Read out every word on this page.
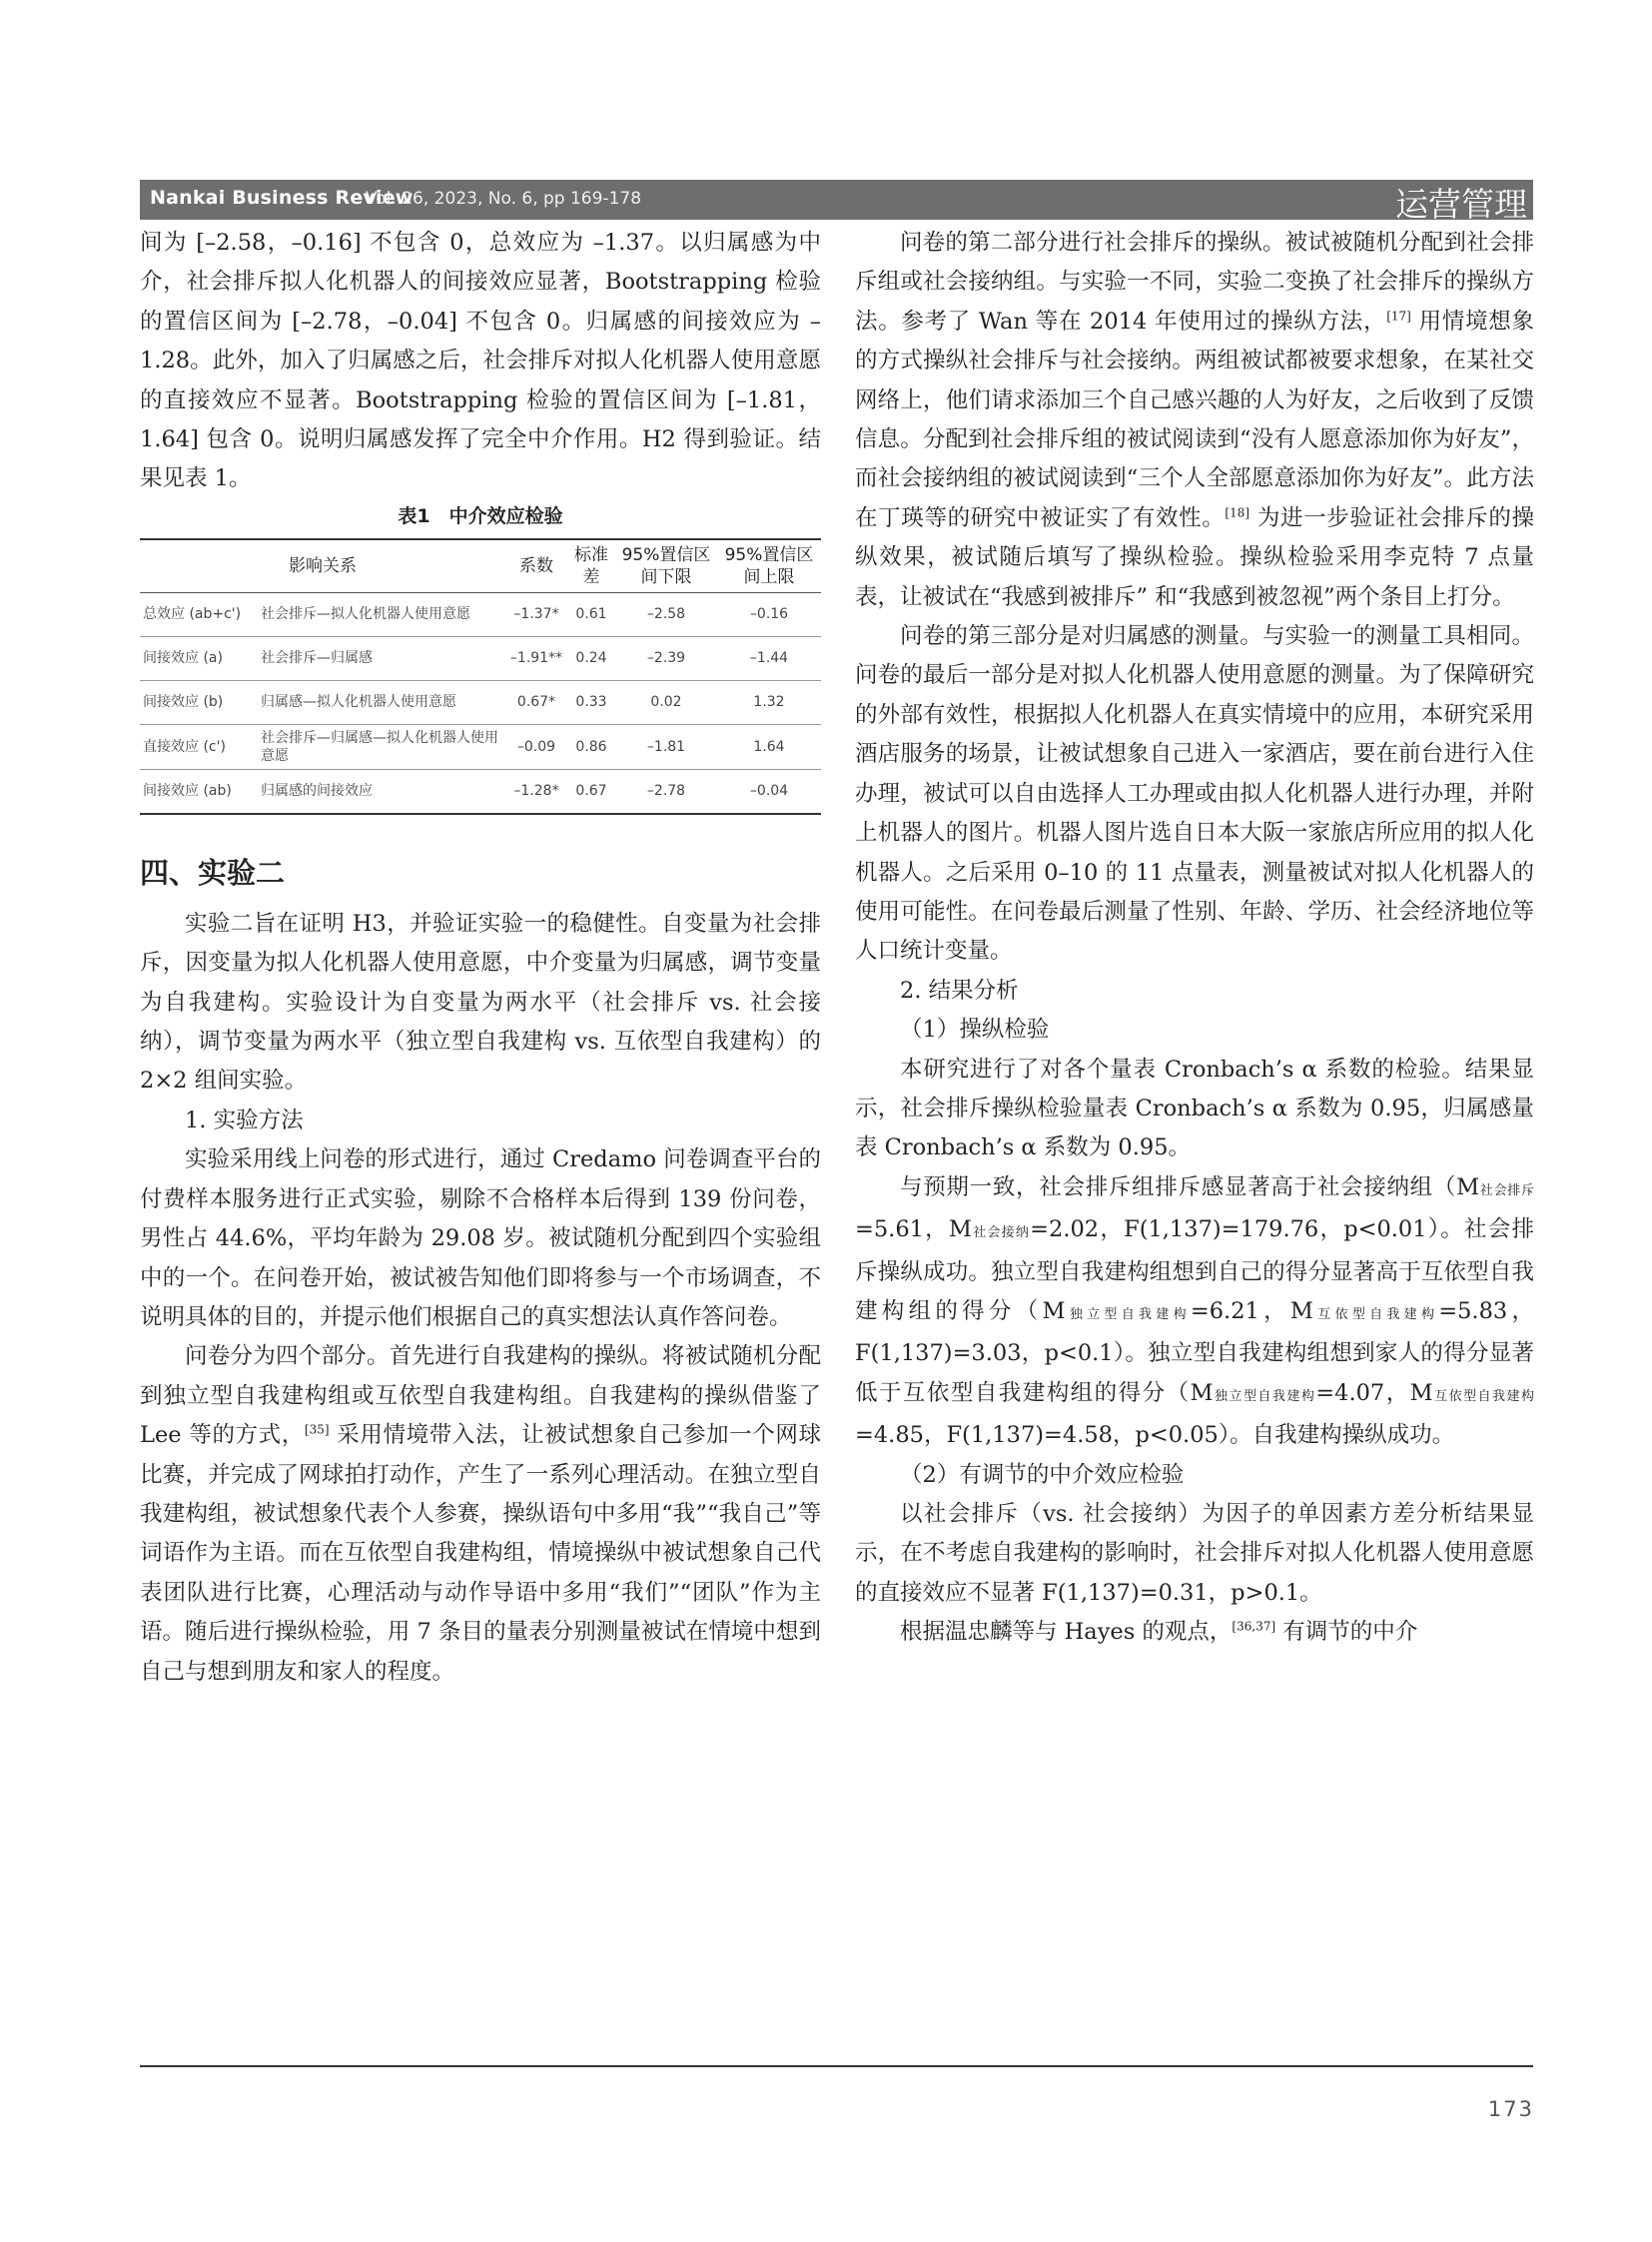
Nankai Business Review
Vol. 26, 2023, No. 6, pp 169-178	运营管理

间为 [–2.58，–0.16] 不包含 0，总效应为 –1.37。以归属感为中介，社会排斥拟人化机器人的间接效应显著，Bootstrapping 检验的置信区间为 [–2.78，–0.04] 不包含 0。归属感的间接效应为 –1.28。此外，加入了归属感之后，社会排斥对拟人化机器人使用意愿的直接效应不显著。Bootstrapping 检验的置信区间为 [–1.81，1.64] 包含 0。说明归属感发挥了完全中介作用。H2 得到验证。结果见表 1。

表1　中介效应检验
影响关系		系数	标准差	95%置信区间下限	95%置信区间上限
总效应 (ab+c')	社会排斥—拟人化机器人使用意愿	–1.37*	0.61	–2.58	–0.16
间接效应 (a)	社会排斥—归属感	–1.91**	0.24	–2.39	–1.44
间接效应 (b)	归属感—拟人化机器人使用意愿	0.67*	0.33	0.02	1.32
直接效应 (c')	社会排斥—归属感—拟人化机器人使用意愿	–0.09	0.86	–1.81	1.64
间接效应 (ab)	归属感的间接效应	–1.28*	0.67	–2.78	–0.04

四、实验二

实验二旨在证明 H3，并验证实验一的稳健性。自变量为社会排斥，因变量为拟人化机器人使用意愿，中介变量为归属感，调节变量为自我建构。实验设计为自变量为两水平（社会排斥 vs. 社会接纳），调节变量为两水平（独立型自我建构 vs. 互依型自我建构）的 2×2 组间实验。

1. 实验方法

实验采用线上问卷的形式进行，通过 Credamo 问卷调查平台的付费样本服务进行正式实验，剔除不合格样本后得到 139 份问卷，男性占 44.6%，平均年龄为 29.08 岁。被试随机分配到四个实验组中的一个。在问卷开始，被试被告知他们即将参与一个市场调查，不说明具体的目的，并提示他们根据自己的真实想法认真作答问卷。

问卷分为四个部分。首先进行自我建构的操纵。将被试随机分配到独立型自我建构组或互依型自我建构组。自我建构的操纵借鉴了 Lee 等的方式，[35] 采用情境带入法，让被试想象自己参加一个网球比赛，并完成了网球拍打动作，产生了一系列心理活动。在独立型自我建构组，被试想象代表个人参赛，操纵语句中多用“我”“我自己”等词语作为主语。而在互依型自我建构组，情境操纵中被试想象自己代表团队进行比赛，心理活动与动作导语中多用“我们”“团队”作为主语。随后进行操纵检验，用 7 条目的量表分别测量被试在情境中想到自己与想到朋友和家人的程度。

问卷的第二部分进行社会排斥的操纵。被试被随机分配到社会排斥组或社会接纳组。与实验一不同，实验二变换了社会排斥的操纵方法。参考了 Wan 等在 2014 年使用过的操纵方法，[17] 用情境想象的方式操纵社会排斥与社会接纳。两组被试都被要求想象，在某社交网络上，他们请求添加三个自己感兴趣的人为好友，之后收到了反馈信息。分配到社会排斥组的被试阅读到“没有人愿意添加你为好友”，而社会接纳组的被试阅读到“三个人全部愿意添加你为好友”。此方法在丁瑛等的研究中被证实了有效性。[18] 为进一步验证社会排斥的操纵效果，被试随后填写了操纵检验。操纵检验采用李克特 7 点量表，让被试在“我感到被排斥” 和“我感到被忽视”两个条目上打分。

问卷的第三部分是对归属感的测量。与实验一的测量工具相同。问卷的最后一部分是对拟人化机器人使用意愿的测量。为了保障研究的外部有效性，根据拟人化机器人在真实情境中的应用，本研究采用酒店服务的场景，让被试想象自己进入一家酒店，要在前台进行入住办理，被试可以自由选择人工办理或由拟人化机器人进行办理，并附上机器人的图片。机器人图片选自日本大阪一家旅店所应用的拟人化机器人。之后采用 0–10 的 11 点量表，测量被试对拟人化机器人的使用可能性。在问卷最后测量了性别、年龄、学历、社会经济地位等人口统计变量。

2. 结果分析

（1）操纵检验

本研究进行了对各个量表 Cronbach’s α 系数的检验。结果显示，社会排斥操纵检验量表 Cronbach’s α 系数为 0.95，归属感量表 Cronbach’s α 系数为 0.95。

与预期一致，社会排斥组排斥感显著高于社会接纳组（M社会排斥=5.61，M社会接纳=2.02，F(1,137)=179.76，p<0.01）。社会排斥操纵成功。独立型自我建构组想到自己的得分显著高于互依型自我建构组的得分（M独立型自我建构=6.21，M互依型自我建构=5.83，F(1,137)=3.03，p<0.1）。独立型自我建构组想到家人的得分显著低于互依型自我建构组的得分（M独立型自我建构=4.07，M互依型自我建构=4.85，F(1,137)=4.58，p<0.05）。自我建构操纵成功。

（2）有调节的中介效应检验

以社会排斥（vs. 社会接纳）为因子的单因素方差分析结果显示，在不考虑自我建构的影响时，社会排斥对拟人化机器人使用意愿的直接效应不显著 F(1,137)=0.31，p>0.1。

根据温忠麟等与 Hayes 的观点，[36,37] 有调节的中介

173
